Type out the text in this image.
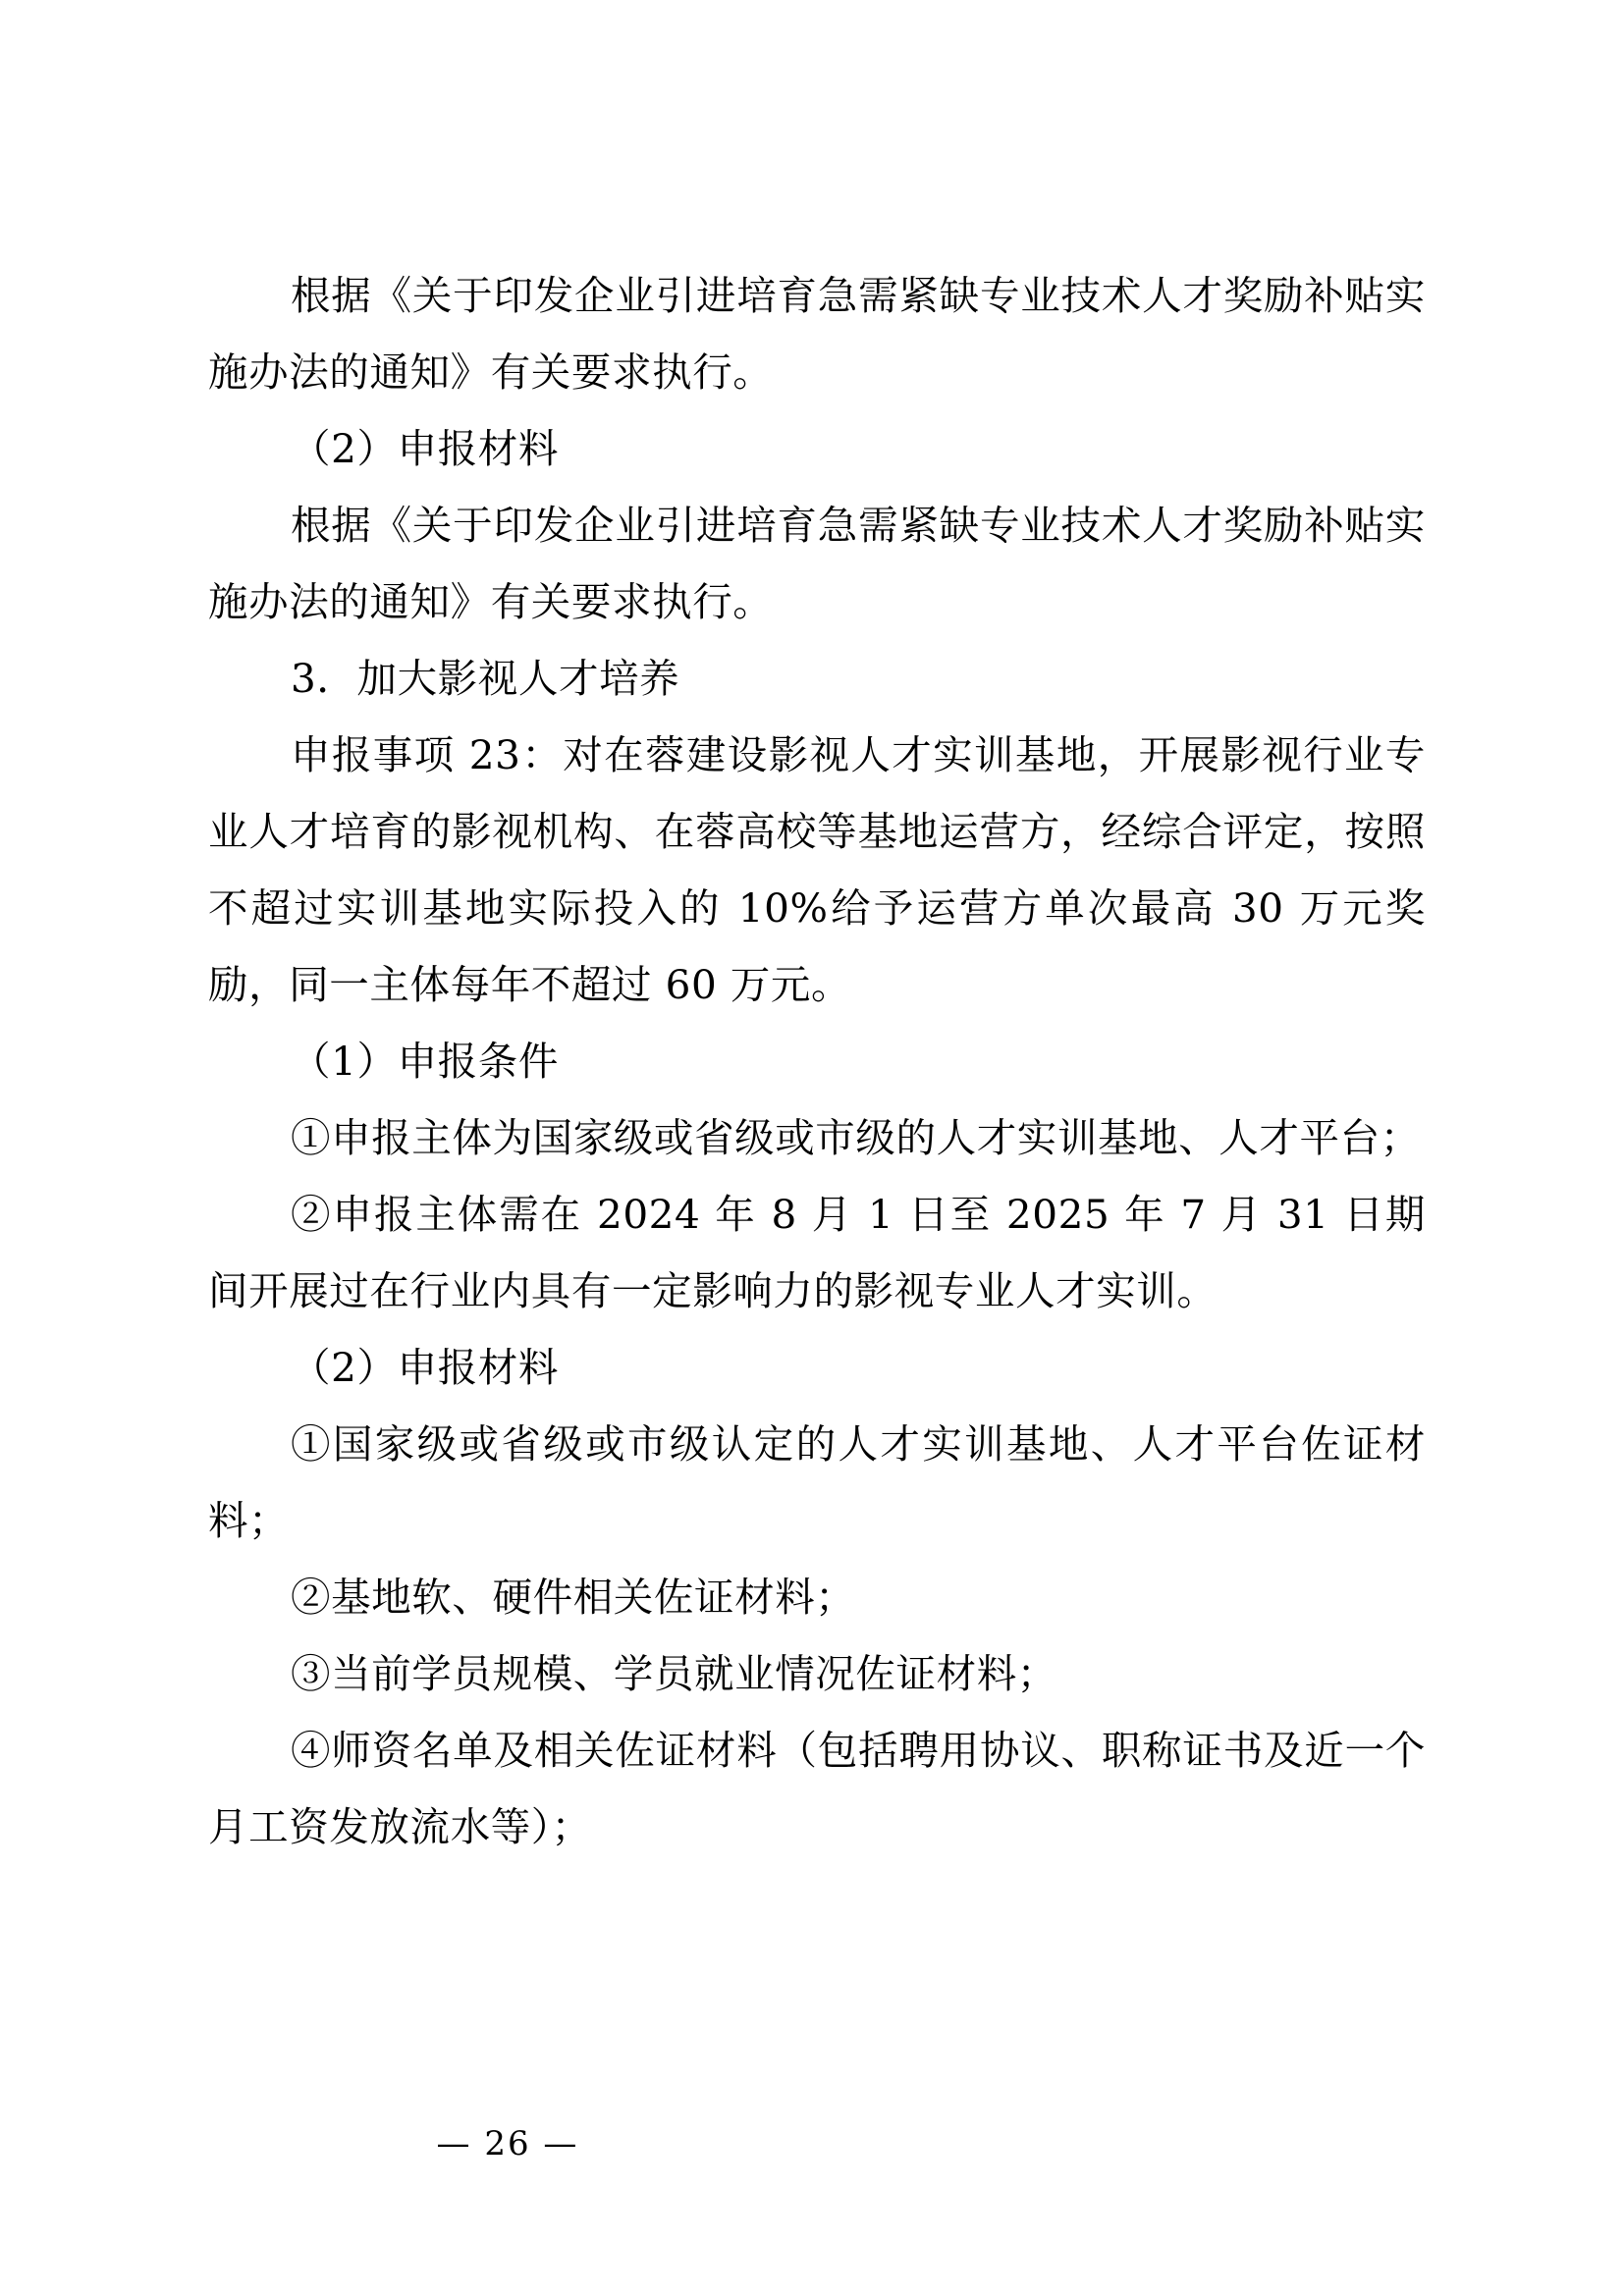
根据《关于印发企业引进培育急需紧缺专业技术人才奖励补贴实施办法的通知》有关要求执行。

（2）申报材料

根据《关于印发企业引进培育急需紧缺专业技术人才奖励补贴实施办法的通知》有关要求执行。

3．加大影视人才培养

申报事项 23：对在蓉建设影视人才实训基地，开展影视行业专业人才培育的影视机构、在蓉高校等基地运营方，经综合评定，按照不超过实训基地实际投入的 10%给予运营方单次最高 30 万元奖励，同一主体每年不超过 60 万元。

（1）申报条件

①申报主体为国家级或省级或市级的人才实训基地、人才平台；

②申报主体需在 2024 年 8 月 1 日至 2025 年 7 月 31 日期间开展过在行业内具有一定影响力的影视专业人才实训。

（2）申报材料

①国家级或省级或市级认定的人才实训基地、人才平台佐证材料；

②基地软、硬件相关佐证材料；

③当前学员规模、学员就业情况佐证材料；

④师资名单及相关佐证材料（包括聘用协议、职称证书及近一个月工资发放流水等）；

— 26 —
